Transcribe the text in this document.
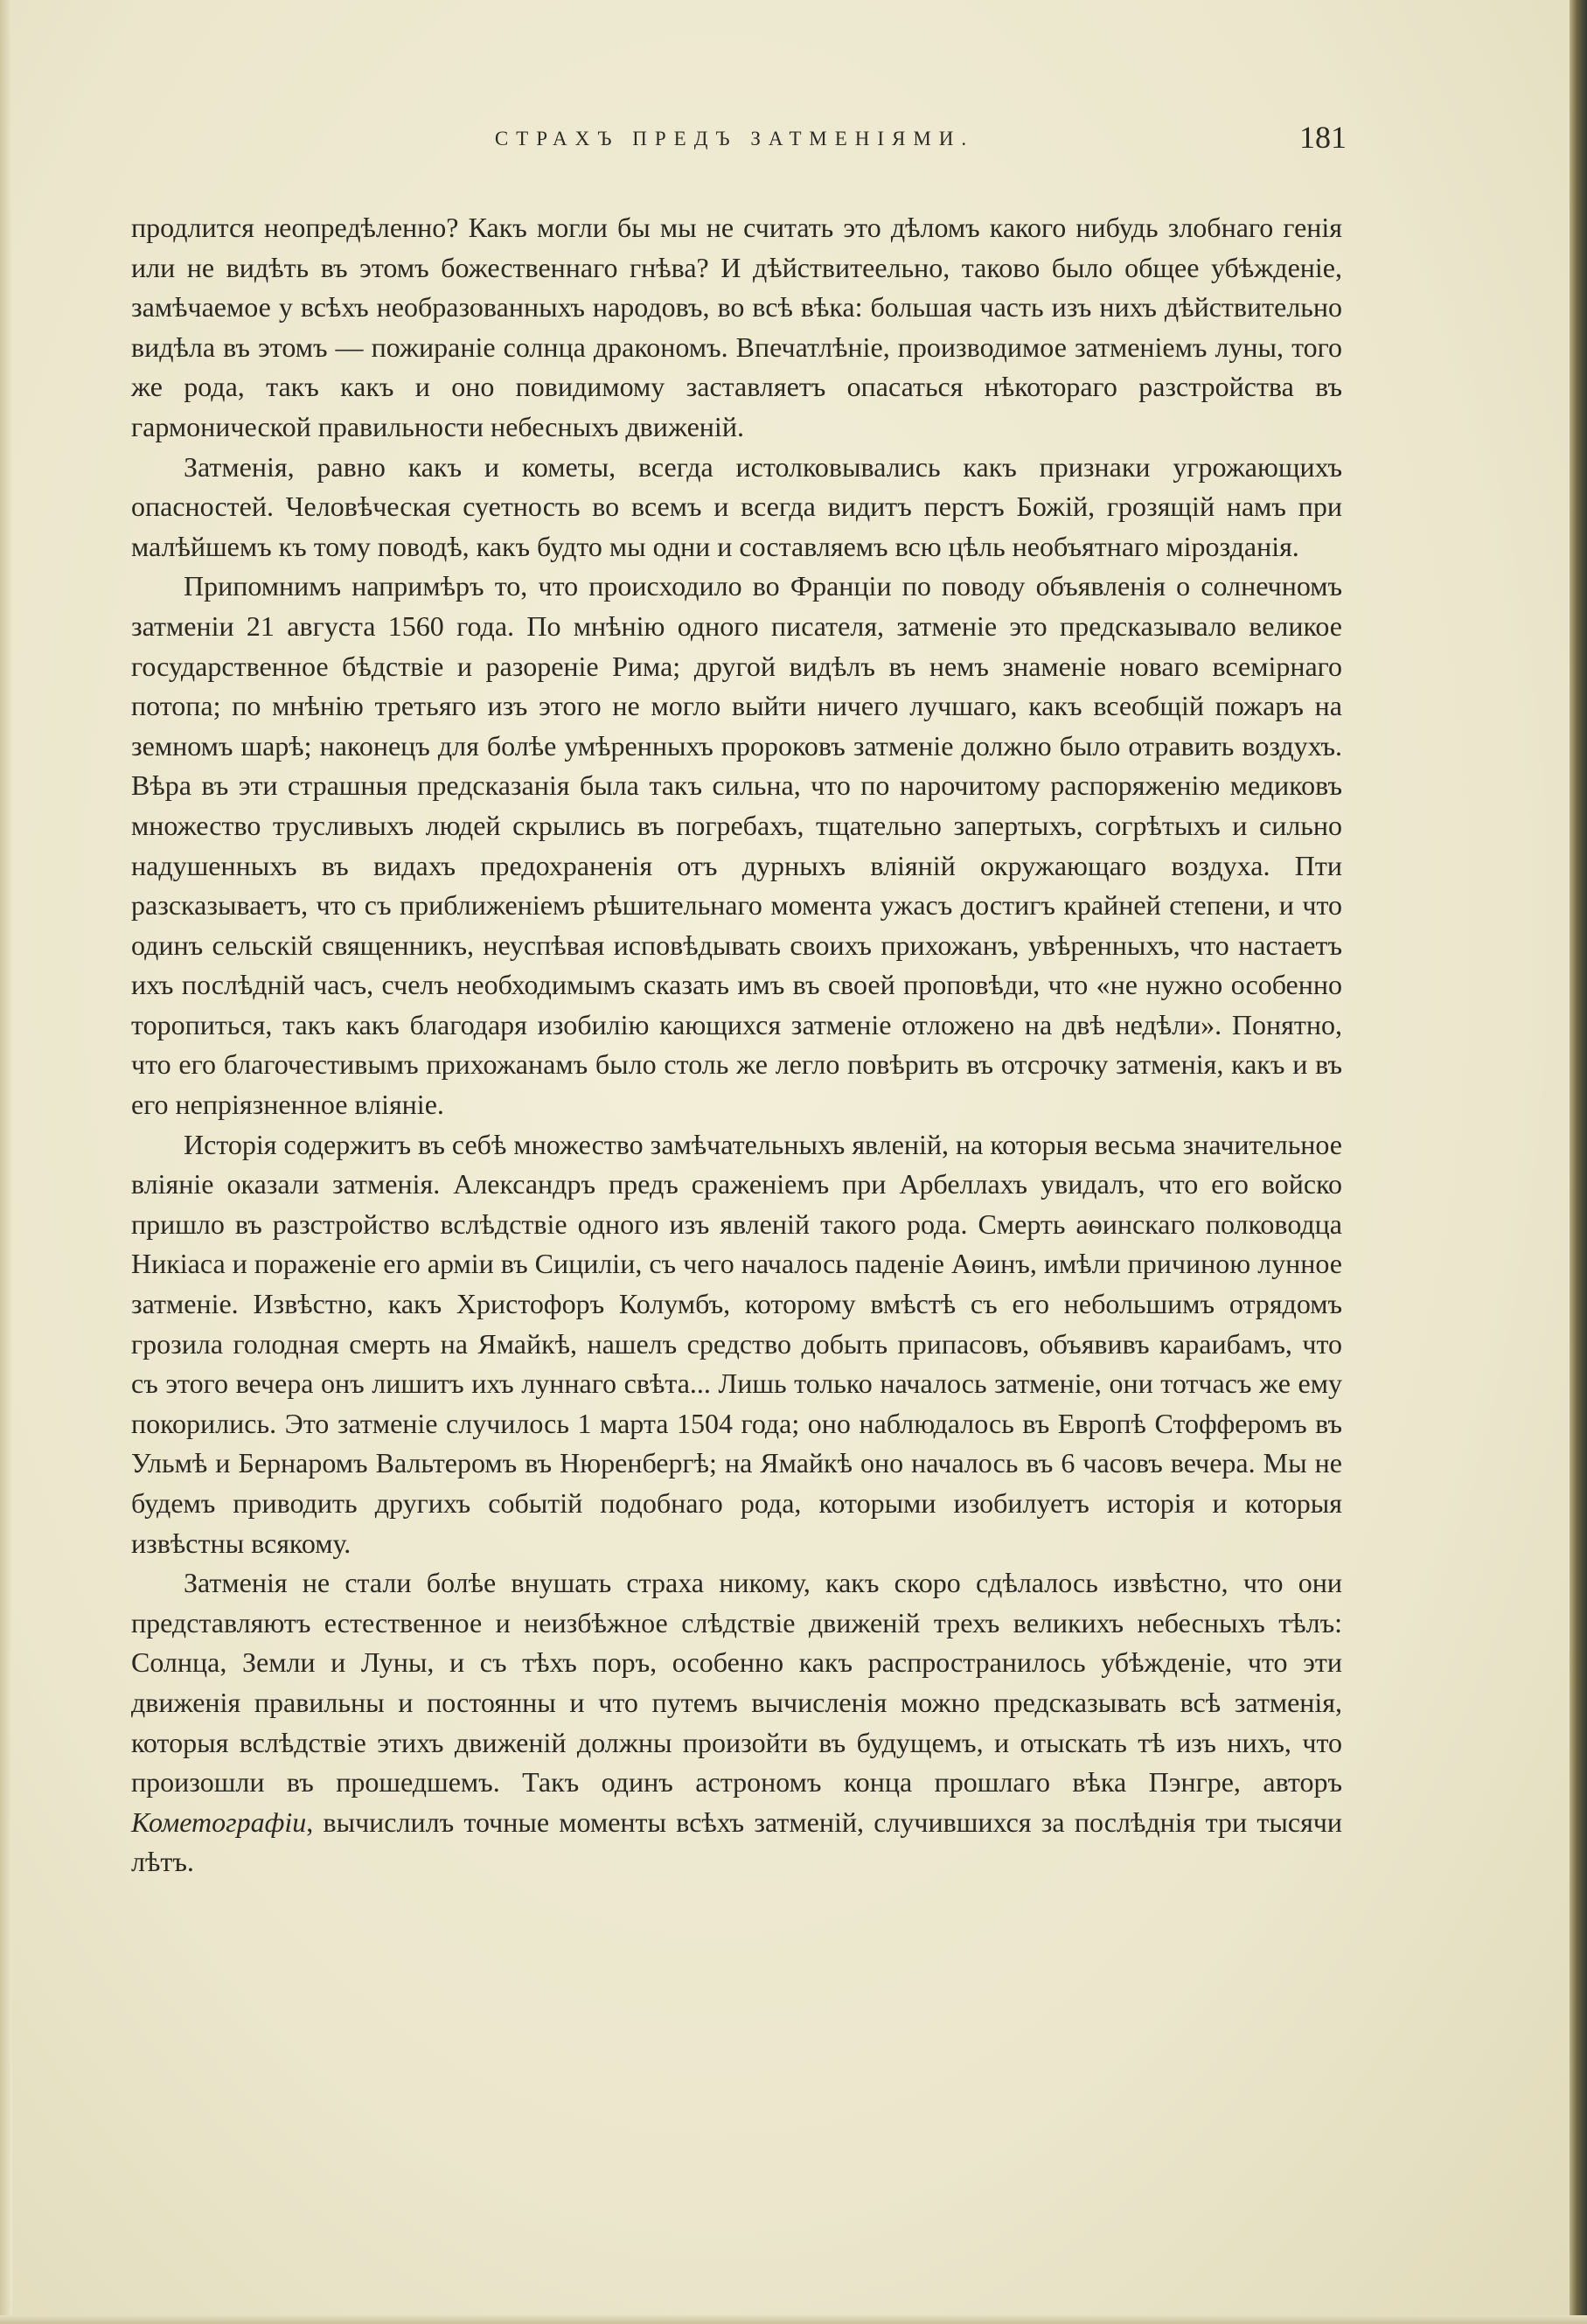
СТРАХЪ ПРЕДЪ ЗАТМЕНІЯМИ.	181

продлится неопредѣленно? Какъ могли бы мы не считать это дѣломъ какого нибудь злобнаго генія или не видѣть въ этомъ божественнаго гнѣва? И дѣйствитеeльно, таково было общее убѣжденіе, замѣчаемое у всѣхъ необразованныхъ народовъ, во всѣ вѣка: большая часть изъ нихъ дѣйствительно видѣла въ этомъ — пожираніе солнца дракономъ. Впечатлѣніе, производимое затменіемъ луны, того же рода, такъ какъ и оно повидимому заставляетъ опасаться нѣкотораго разстройства въ гармонической правильности небесныхъ движеній.

Затменія, равно какъ и кометы, всегда истолковывались какъ признаки угрожающихъ опасностей. Человѣческая суетность во всемъ и всегда видитъ перстъ Божій, грозящій намъ при малѣйшемъ къ тому поводѣ, какъ будто мы одни и составляемъ всю цѣль необъятнаго мірозданія.

Припомнимъ напримѣръ то, что происходило во Франціи по поводу объявленія о солнечномъ затменіи 21 августа 1560 года. По мнѣнію одного писателя, затменіе это предсказывало великое государственное бѣдствіе и разореніе Рима; другой видѣлъ въ немъ знаменіе новаго всемірнаго потопа; по мнѣнію третьяго изъ этого не могло выйти ничего лучшаго, какъ всеобщій пожаръ на земномъ шарѣ; наконецъ для болѣе умѣренныхъ пророковъ затменіе должно было отравить воздухъ. Вѣра въ эти страшныя предсказанія была такъ сильна, что по нарочитому распоряженію медиковъ множество трусливыхъ людей скрылись въ погребахъ, тщательно запертыхъ, согрѣтыхъ и сильно надушенныхъ въ видахъ предохраненія отъ дурныхъ вліяній окружающаго воздуха. Пти разсказываетъ, что съ приближеніемъ рѣшительнаго момента ужасъ достигъ крайней степени, и что одинъ сельскій священникъ, неуспѣвая исповѣдывать своихъ прихожанъ, увѣренныхъ, что настаетъ ихъ послѣдній часъ, счелъ необходимымъ сказать имъ въ своей проповѣди, что «не нужно особенно торопиться, такъ какъ благодаря изобилію кающихся затменіе отложено на двѣ недѣли». Понятно, что его благочестивымъ прихожанамъ было столь же легло повѣрить въ отсрочку затменія, какъ и въ его непріязненное вліяніе.

Исторія содержитъ въ себѣ множество замѣчательныхъ явленій, на которыя весьма значительное вліяніе оказали затменія. Александръ предъ сраженіемъ при Арбеллахъ увидалъ, что его войско пришло въ разстройство вслѣдствіе одного изъ явленій такого рода. Смерть аѳинскаго полководца Никіаса и пораженіе его арміи въ Сициліи, съ чего началось паденіе Аѳинъ, имѣли причиною лунное затменіе. Извѣстно, какъ Христофоръ Колумбъ, которому вмѣстѣ съ его небольшимъ отрядомъ грозила голодная смерть на Ямайкѣ, нашелъ средство добыть припасовъ, объявивъ караибамъ, что съ этого вечера онъ лишитъ ихъ луннаго свѣта... Лишь только началось затменіе, они тотчасъ же ему покорились. Это затменіе случилось 1 марта 1504 года; оно наблюдалось въ Европѣ Стофферомъ въ Ульмѣ и Бернаромъ Вальтеромъ въ Нюренбергѣ; на Ямайкѣ оно началось въ 6 часовъ вечера. Мы не будемъ приводить другихъ событій подобнаго рода, которыми изобилуетъ исторія и которыя извѣстны всякому.

Затменія не стали болѣе внушать страха никому, какъ скоро сдѣлалось извѣстно, что они представляютъ естественное и неизбѣжное слѣдствіе движеній трехъ великихъ небесныхъ тѣлъ: Солнца, Земли и Луны, и съ тѣхъ поръ, особенно какъ распространилось убѣжденіе, что эти движенія правильны и постоянны и что путемъ вычисленія можно предсказывать всѣ затменія, которыя вслѣдствіе этихъ движеній должны произойти въ будущемъ, и отыскать тѣ изъ нихъ, что произошли въ прошедшемъ. Такъ одинъ астрономъ конца прошлаго вѣка Пэнгре, авторъ Кометографіи, вычислилъ точные моменты всѣхъ затменій, случившихся за послѣднія три тысячи лѣтъ.
